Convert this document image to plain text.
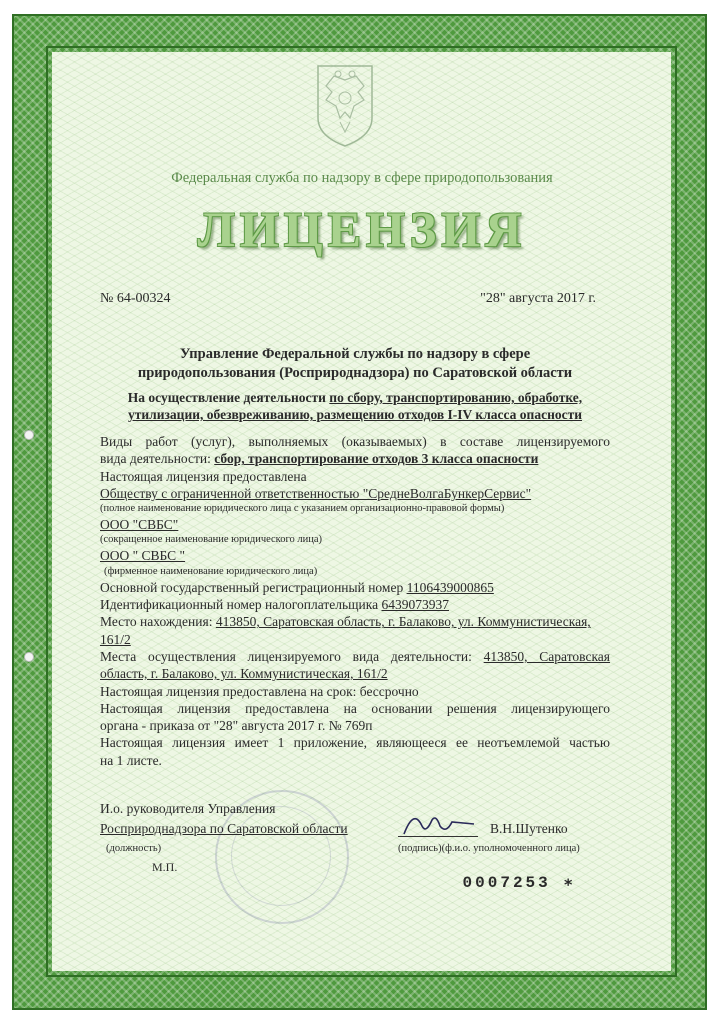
Федеральная служба по надзору в сфере природопользования
ЛИЦЕНЗИЯ
№ 64-00324	"28" августа 2017 г.
Управление Федеральной службы по надзору в сфере
природопользования (Росприроднадзора) по Саратовской области
На осуществление деятельности по сбору, транспортированию, обработке,
утилизации, обезвреживанию, размещению отходов I-IV класса опасности
Виды работ (услуг), выполняемых (оказываемых) в составе лицензируемого
вида деятельности: сбор, транспортирование отходов 3 класса опасности
Настоящая лицензия предоставлена
Обществу с ограниченной ответственностью "СреднеВолгаБункерСервис"
(полное наименование юридического лица с указанием организационно-правовой формы)
ООО "СВБС"
(сокращенное наименование юридического лица)
ООО " СВБС "
(фирменное наименование юридического лица)
Основной государственный регистрационный номер 1106439000865
Идентификационный номер налогоплательщика 6439073937
Место нахождения: 413850, Саратовская область, г. Балаково, ул. Коммунистическая,
161/2
Места осуществления лицензируемого вида деятельности: 413850, Саратовская
область, г. Балаково, ул. Коммунистическая, 161/2
Настоящая лицензия предоставлена на срок: бессрочно
Настоящая лицензия предоставлена на основании решения лицензирующего
органа - приказа от "28" августа 2017 г. № 769п
Настоящая лицензия имеет 1 приложение, являющееся ее неотъемлемой частью
на 1 листе.
И.о. руководителя Управления
Росприроднадзора по Саратовской области	В.Н.Шутенко
(должность)	(подпись)(ф.и.о. уполномоченного лица)
М.П.
0007253 ∗
